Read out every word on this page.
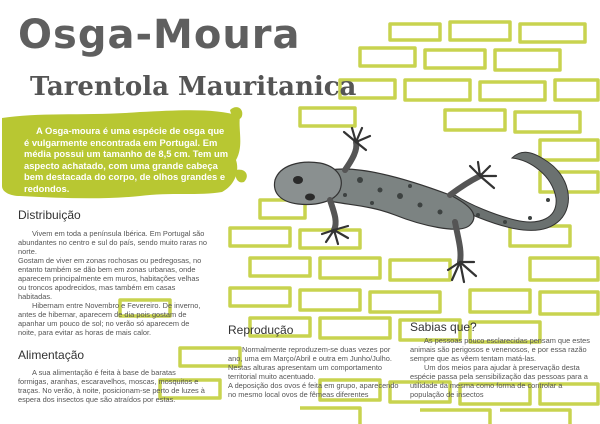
Osga-Moura
Tarentola Mauritanica
A Osga-moura é uma espécie de osga que é vulgarmente encontrada em Portugal. Em média possui um tamanho de 8,5 cm. Tem um aspecto achatado, com uma grande cabeça bem destacada do corpo, de olhos grandes e redondos.
Distribuição

Vivem em toda a península Ibérica. Em Portugal são abundantes no centro e sul do país, sendo muito raras no norte.

Gostam de viver em zonas rochosas ou pedregosas, no entanto também se dão bem em zonas urbanas, onde aparecem principalmente em muros, habitações velhas ou troncos apodrecidos, mas também em casas habitadas.

Hibernam entre Novembro e Fevereiro. De inverno, antes de hibernar, aparecem de dia pois gostam de apanhar um pouco de sol; no verão só aparecem de noite, para evitar as horas de mais calor.

Alimentação

A sua alimentação é feita à base de baratas formigas, aranhas, escaravelhos, moscas, mosquitos e traças. No verão, à noite, posicionam-se perto de luzes à espera dos insectos que são atraídos por estas.

Reprodução

Normalmente reproduzem-se duas vezes por ano, uma em Março/Abril e outra em Junho/Julho. Nestas alturas apresentam um comportamento territorial muito acentuado.

A deposição dos ovos é feita em grupo, aparecendo no mesmo local ovos de fêmeas diferentes

Sabias que?

As pessoas pouco esclarecidas pensam que estes animais são perigosos e venenosos, e por essa razão sempre que as vêem tentam matá-las.

Um dos meios para ajudar à preservação desta espécie passa pela sensibilização das pessoas para a utilidade da mesma como forma de controlar a população de insectos
